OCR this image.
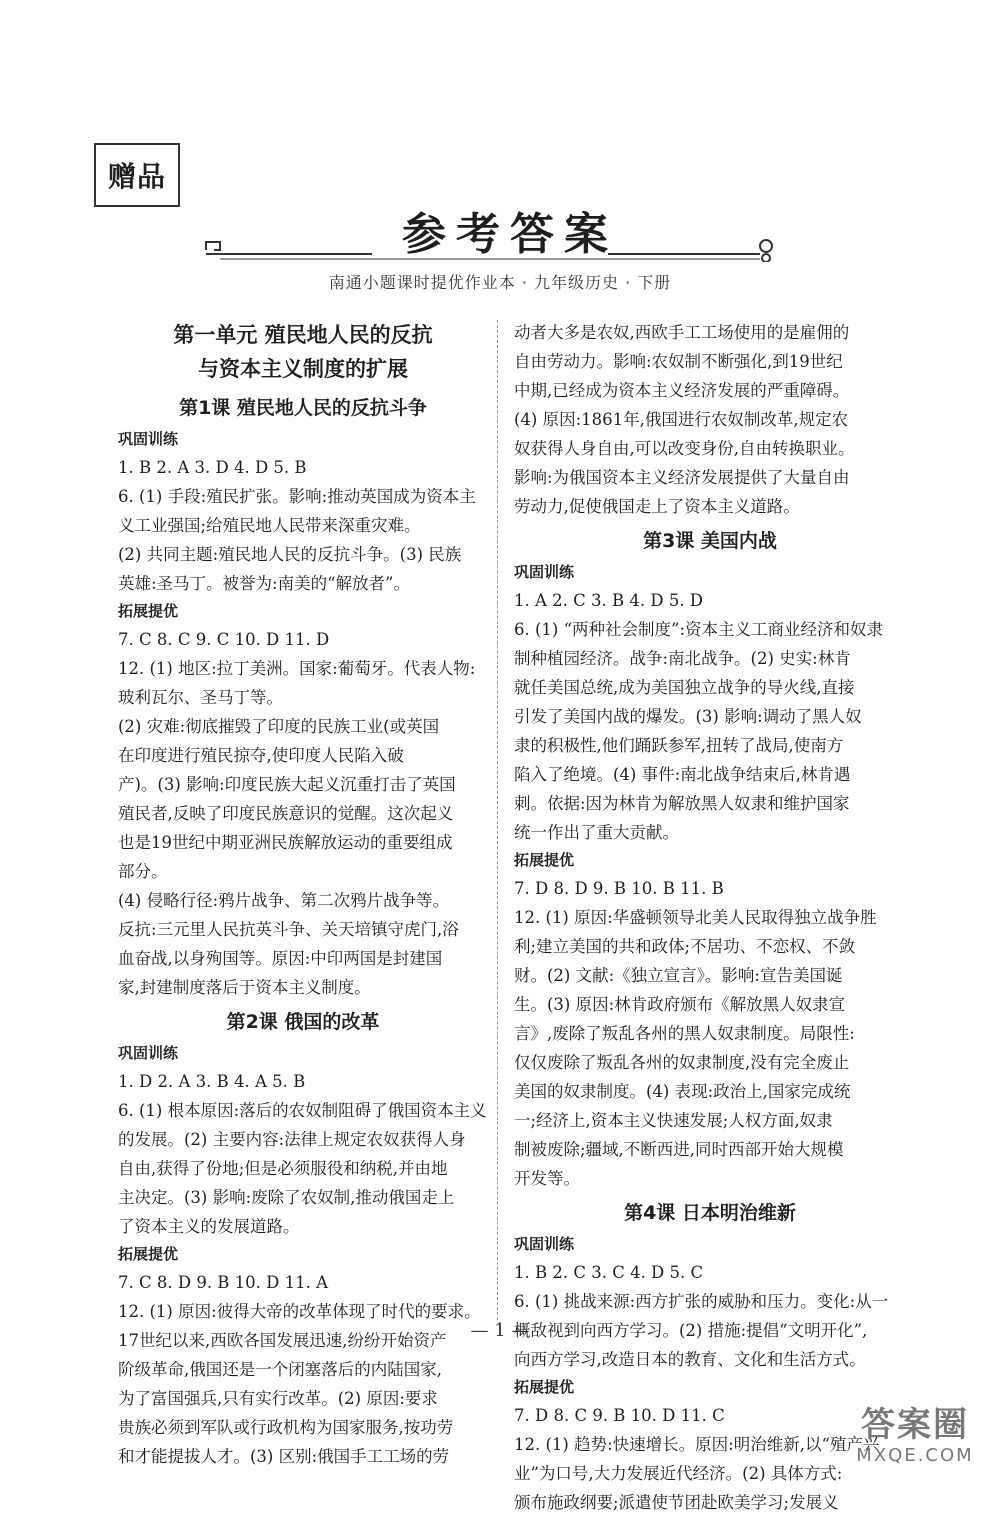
赠品
参考答案
南通小题课时提优作业本 · 九年级历史 · 下册
第一单元 殖民地人民的反抗
与资本主义制度的扩展
第1课 殖民地人民的反抗斗争
巩固训练
1. B 2. A 3. D 4. D 5. B
6. (1) 手段:殖民扩张。影响:推动英国成为资本主
义工业强国;给殖民地人民带来深重灾难。
(2) 共同主题:殖民地人民的反抗斗争。(3) 民族
英雄:圣马丁。被誉为:南美的“解放者”。
拓展提优
7. C 8. C 9. C 10. D 11. D
12. (1) 地区:拉丁美洲。国家:葡萄牙。代表人物:
玻利瓦尔、圣马丁等。
(2) 灾难:彻底摧毁了印度的民族工业(或英国
在印度进行殖民掠夺,使印度人民陷入破
产)。(3) 影响:印度民族大起义沉重打击了英国
殖民者,反映了印度民族意识的觉醒。这次起义
也是19世纪中期亚洲民族解放运动的重要组成
部分。
(4) 侵略行径:鸦片战争、第二次鸦片战争等。
反抗:三元里人民抗英斗争、关天培镇守虎门,浴
血奋战,以身殉国等。原因:中印两国是封建国
家,封建制度落后于资本主义制度。
第2课 俄国的改革
巩固训练
1. D 2. A 3. B 4. A 5. B
6. (1) 根本原因:落后的农奴制阻碍了俄国资本主义
的发展。(2) 主要内容:法律上规定农奴获得人身
自由,获得了份地;但是必须服役和纳税,并由地
主决定。(3) 影响:废除了农奴制,推动俄国走上
了资本主义的发展道路。
拓展提优
7. C 8. D 9. B 10. D 11. A
12. (1) 原因:彼得大帝的改革体现了时代的要求。
17世纪以来,西欧各国发展迅速,纷纷开始资产
阶级革命,俄国还是一个闭塞落后的内陆国家,
为了富国强兵,只有实行改革。(2) 原因:要求
贵族必须到军队或行政机构为国家服务,按功劳
和才能提拔人才。(3) 区别:俄国手工工场的劳
动者大多是农奴,西欧手工工场使用的是雇佣的
自由劳动力。影响:农奴制不断强化,到19世纪
中期,已经成为资本主义经济发展的严重障碍。
(4) 原因:1861年,俄国进行农奴制改革,规定农
奴获得人身自由,可以改变身份,自由转换职业。
影响:为俄国资本主义经济发展提供了大量自由
劳动力,促使俄国走上了资本主义道路。
第3课 美国内战
巩固训练
1. A 2. C 3. B 4. D 5. D
6. (1) “两种社会制度”:资本主义工商业经济和奴隶
制种植园经济。战争:南北战争。(2) 史实:林肯
就任美国总统,成为美国独立战争的导火线,直接
引发了美国内战的爆发。(3) 影响:调动了黑人奴
隶的积极性,他们踊跃参军,扭转了战局,使南方
陷入了绝境。(4) 事件:南北战争结束后,林肯遇
刺。依据:因为林肯为解放黑人奴隶和维护国家
统一作出了重大贡献。
拓展提优
7. D 8. D 9. B 10. B 11. B
12. (1) 原因:华盛顿领导北美人民取得独立战争胜
利;建立美国的共和政体;不居功、不恋权、不敛
财。(2) 文献:《独立宣言》。影响:宣告美国诞
生。(3) 原因:林肯政府颁布《解放黑人奴隶宣
言》,废除了叛乱各州的黑人奴隶制度。局限性:
仅仅废除了叛乱各州的奴隶制度,没有完全废止
美国的奴隶制度。(4) 表现:政治上,国家完成统
一;经济上,资本主义快速发展;人权方面,奴隶
制被废除;疆域,不断西进,同时西部开始大规模
开发等。
第4课 日本明治维新
巩固训练
1. B 2. C 3. C 4. D 5. C
6. (1) 挑战来源:西方扩张的威胁和压力。变化:从一
概敌视到向西方学习。(2) 措施:提倡“文明开化”,
向西方学习,改造日本的教育、文化和生活方式。
拓展提优
7. D 8. C 9. B 10. D 11. C
12. (1) 趋势:快速增长。原因:明治维新,以“殖产兴
业”为口号,大力发展近代经济。(2) 具体方式:
颁布施政纲要;派遣使节团赴欧美学习;发展义
— 1 —
答案圈
MXQE.COM
